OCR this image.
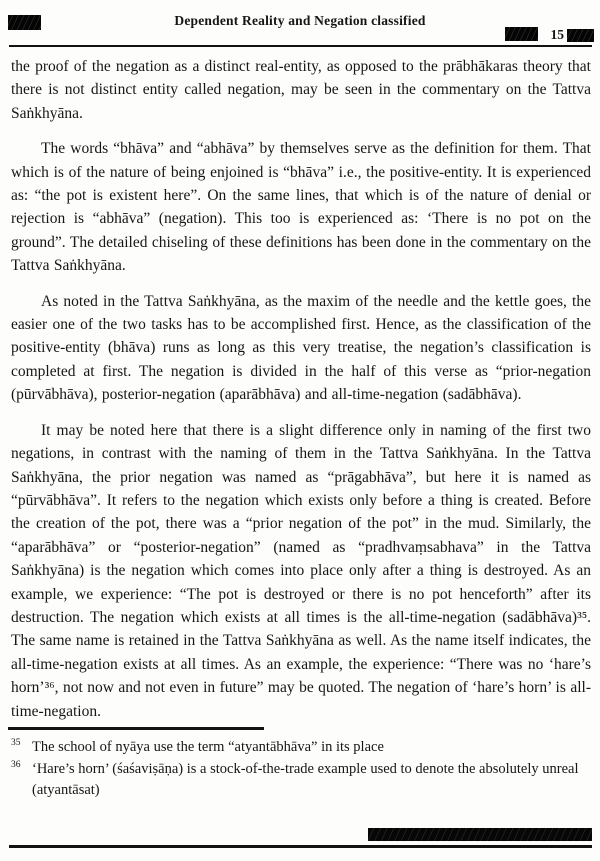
Dependent Reality and Negation classified
15

the proof of the negation as a distinct real-entity, as opposed to the prābhākaras theory that there is not distinct entity called negation, may be seen in the commentary on the Tattva Saṅkhyāna.

The words “bhāva” and “abhāva” by themselves serve as the definition for them. That which is of the nature of being enjoined is “bhāva” i.e., the positive-entity. It is experienced as: “the pot is existent here”. On the same lines, that which is of the nature of denial or rejection is “abhāva” (negation). This too is experienced as: ‘There is no pot on the ground”. The detailed chiseling of these definitions has been done in the commentary on the Tattva Saṅkhyāna.

As noted in the Tattva Saṅkhyāna, as the maxim of the needle and the kettle goes, the easier one of the two tasks has to be accomplished first. Hence, as the classification of the positive-entity (bhāva) runs as long as this very treatise, the negation’s classification is completed at first. The negation is divided in the half of this verse as “prior-negation (pūrvābhāva), posterior-negation (aparābhāva) and all-time-negation (sadābhāva).

It may be noted here that there is a slight difference only in naming of the first two negations, in contrast with the naming of them in the Tattva Saṅkhyāna. In the Tattva Saṅkhyāna, the prior negation was named as “prāgabhāva”, but here it is named as “pūrvābhāva”. It refers to the negation which exists only before a thing is created. Before the creation of the pot, there was a “prior negation of the pot” in the mud. Similarly, the “aparābhāva” or “posterior-negation” (named as “pradhvaṃsabhava” in the Tattva Saṅkhyāna) is the negation which comes into place only after a thing is destroyed. As an example, we experience: “The pot is destroyed or there is no pot henceforth” after its destruction. The negation which exists at all times is the all-time-negation (sadābhāva)³⁵. The same name is retained in the Tattva Saṅkhyāna as well. As the name itself indicates, the all-time-negation exists at all times. As an example, the experience: “There was no ‘hare’s horn’³⁶, not now and not even in future” may be quoted. The negation of ‘hare’s horn’ is all-time-negation.

$^{35}$ The school of nyāya use the term “atyantābhāva” in its place

$^{36}$ ‘Hare’s horn’ (śaśaviṣāṇa) is a stock-of-the-trade example used to denote the absolutely unreal (atyantāsat)
